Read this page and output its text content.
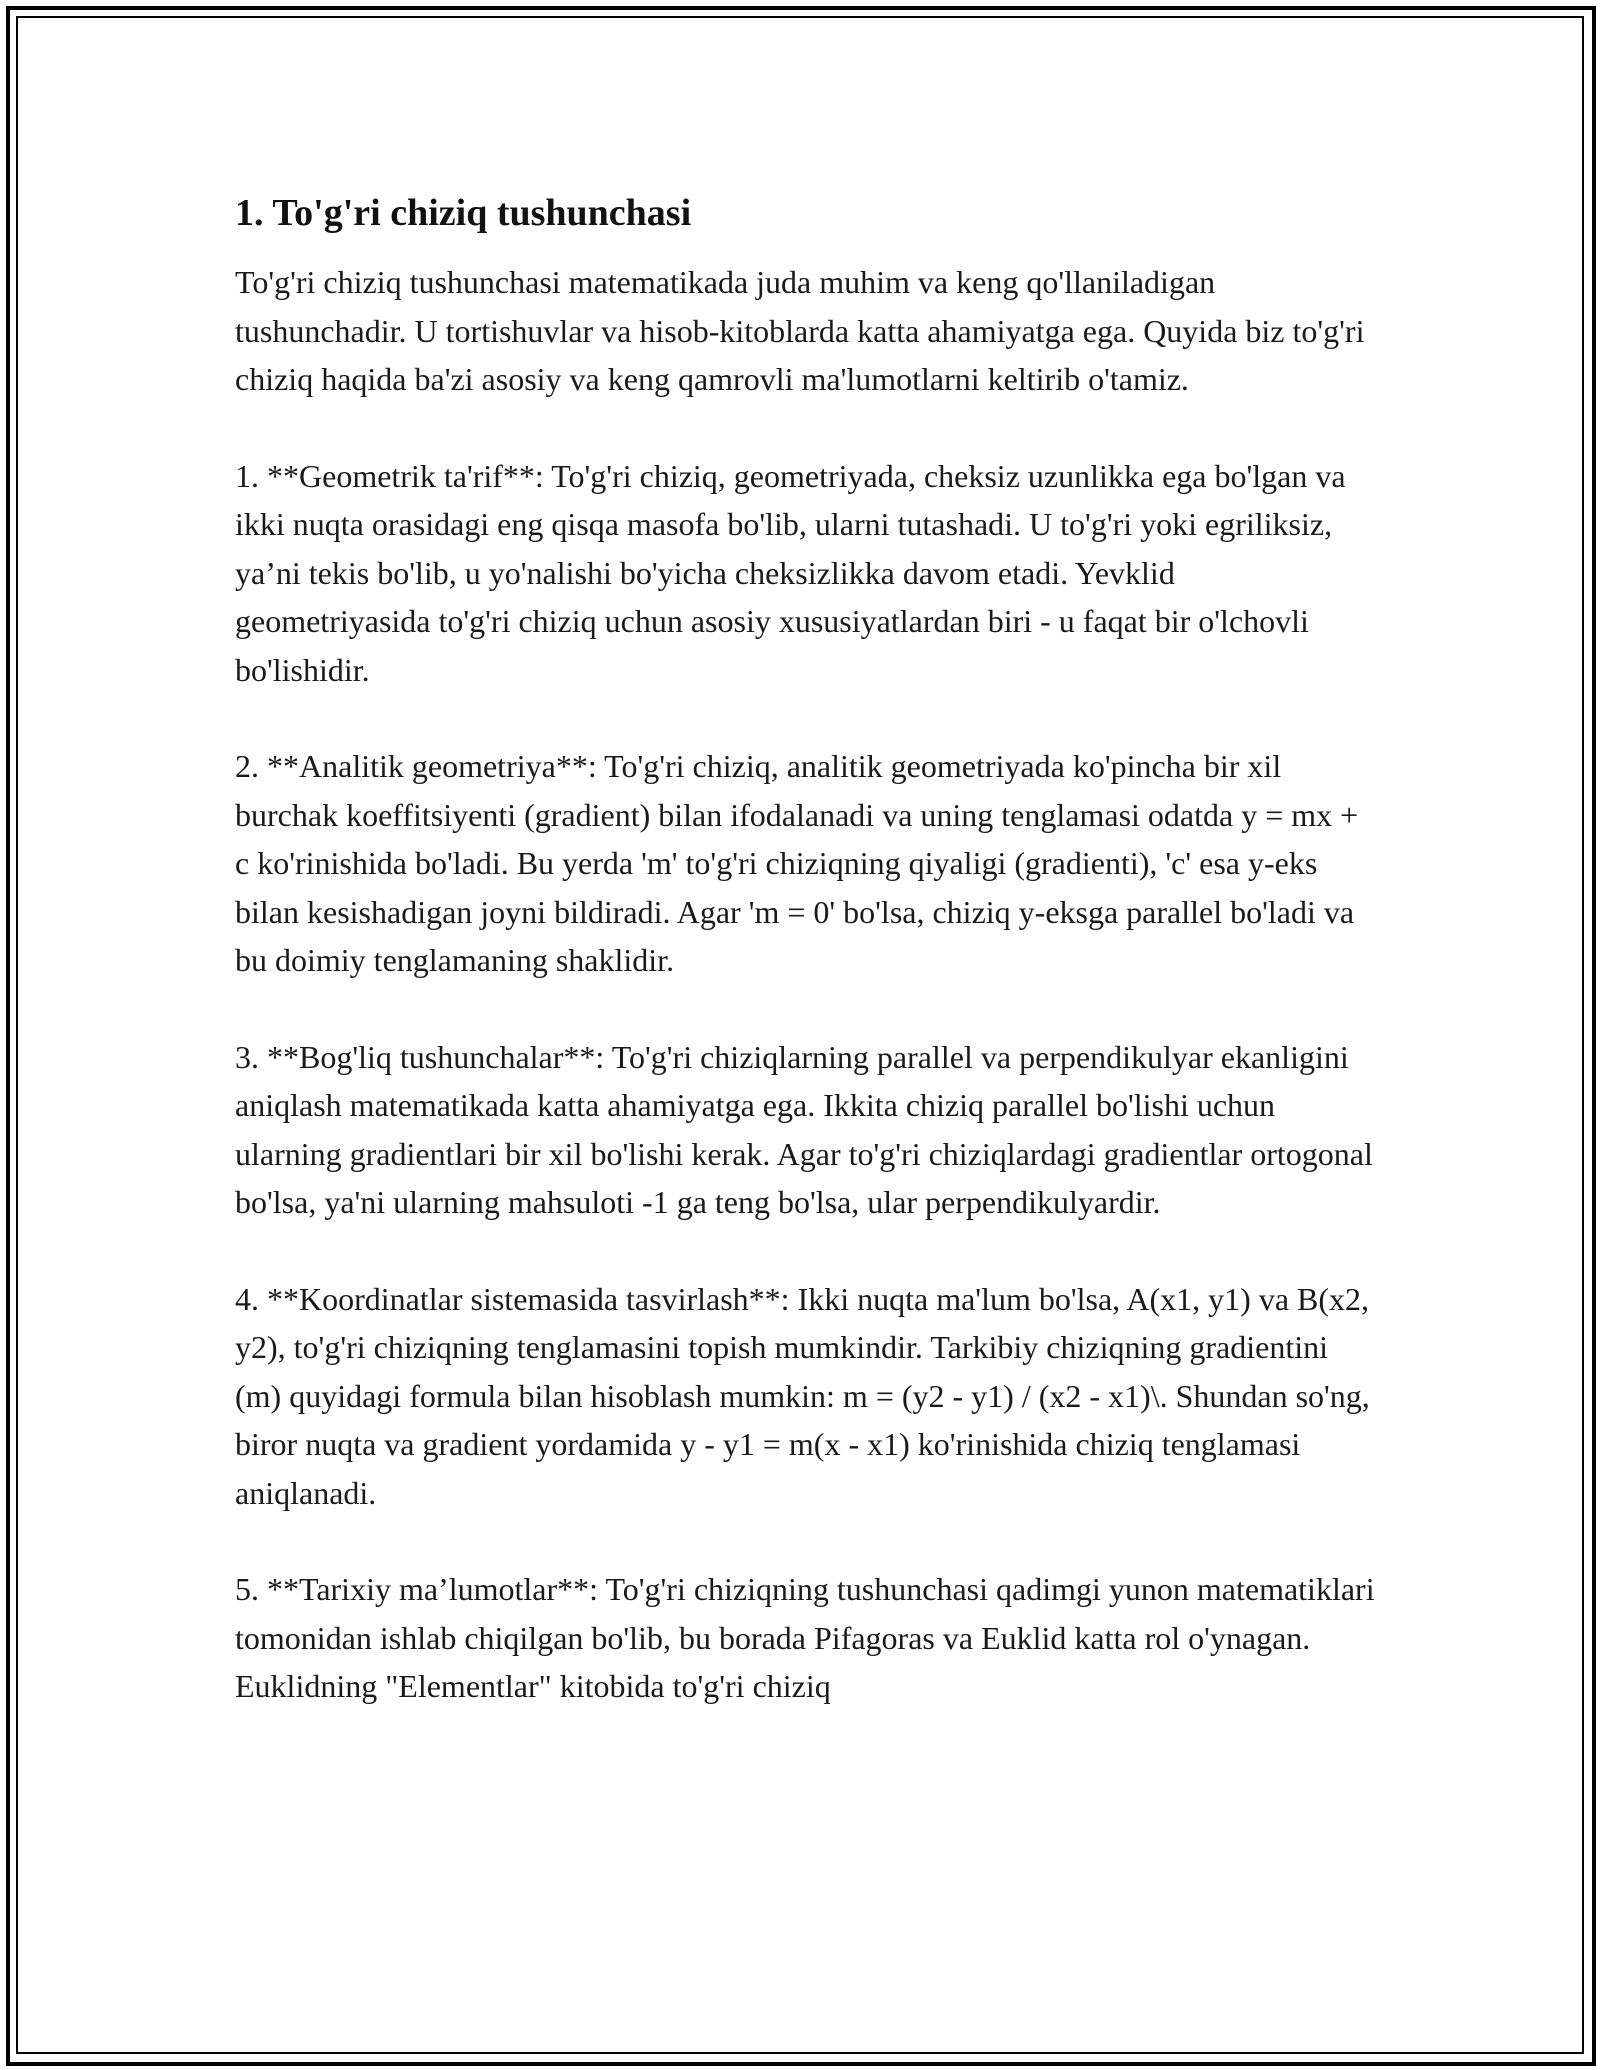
1. To'g'ri chiziq tushunchasi

To'g'ri chiziq tushunchasi matematikada juda muhim va keng qo'llaniladigan tushunchadir. U tortishuvlar va hisob-kitoblarda katta ahamiyatga ega. Quyida biz to'g'ri chiziq haqida ba'zi asosiy va keng qamrovli ma'lumotlarni keltirib o'tamiz.

1. **Geometrik ta'rif**: To'g'ri chiziq, geometriyada, cheksiz uzunlikka ega bo'lgan va ikki nuqta orasidagi eng qisqa masofa bo'lib, ularni tutashadi. U to'g'ri yoki egriliksiz, ya’ni tekis bo'lib, u yo'nalishi bo'yicha cheksizlikka davom etadi. Yevklid geometriyasida to'g'ri chiziq uchun asosiy xususiyatlardan biri - u faqat bir o'lchovli bo'lishidir.

2. **Analitik geometriya**: To'g'ri chiziq, analitik geometriyada ko'pincha bir xil burchak koeffitsiyenti (gradient) bilan ifodalanadi va uning tenglamasi odatda y = mx + c ko'rinishida bo'ladi. Bu yerda 'm' to'g'ri chiziqning qiyaligi (gradienti), 'c' esa y-eks bilan kesishadigan joyni bildiradi. Agar 'm = 0' bo'lsa, chiziq y-eksga parallel bo'ladi va bu doimiy tenglamaning shaklidir.

3. **Bog'liq tushunchalar**: To'g'ri chiziqlarning parallel va perpendikulyar ekanligini aniqlash matematikada katta ahamiyatga ega. Ikkita chiziq parallel bo'lishi uchun ularning gradientlari bir xil bo'lishi kerak. Agar to'g'ri chiziqlardagi gradientlar ortogonal bo'lsa, ya'ni ularning mahsuloti -1 ga teng bo'lsa, ular perpendikulyardir.

4. **Koordinatlar sistemasida tasvirlash**: Ikki nuqta ma'lum bo'lsa, A(x1, y1) va B(x2, y2), to'g'ri chiziqning tenglamasini topish mumkindir. Tarkibiy chiziqning gradientini (m) quyidagi formula bilan hisoblash mumkin: m = (y2 - y1) / (x2 - x1)\. Shundan so'ng, biror nuqta va gradient yordamida y - y1 = m(x - x1) ko'rinishida chiziq tenglamasi aniqlanadi.

5. **Tarixiy ma’lumotlar**: To'g'ri chiziqning tushunchasi qadimgi yunon matematiklari tomonidan ishlab chiqilgan bo'lib, bu borada Pifagoras va Euklid katta rol o'ynagan. Euklidning "Elementlar" kitobida to'g'ri chiziq
